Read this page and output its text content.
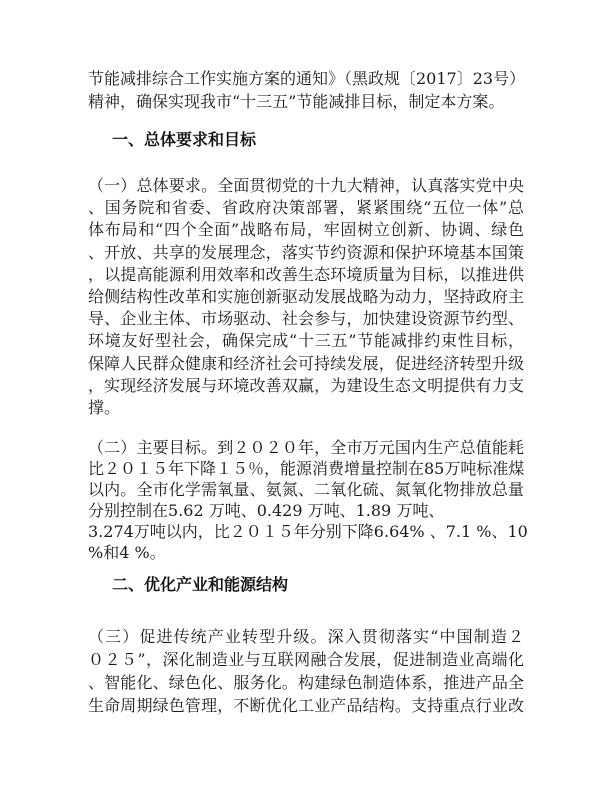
节能减排综合工作实施方案的通知》（黑政规〔2017〕23号）
精神，确保实现我市“十三五”节能减排目标，制定本方案。
一、总体要求和目标
（一）总体要求。全面贯彻党的十九大精神，认真落实党中央
、国务院和省委、省政府决策部署，紧紧围绕“五位一体”总
体布局和“四个全面”战略布局，牢固树立创新、协调、绿色
、开放、共享的发展理念，落实节约资源和保护环境基本国策
，以提高能源利用效率和改善生态环境质量为目标，以推进供
给侧结构性改革和实施创新驱动发展战略为动力，坚持政府主
导、企业主体、市场驱动、社会参与，加快建设资源节约型、
环境友好型社会，确保完成“十三五”节能减排约束性目标，
保障人民群众健康和经济社会可持续发展，促进经济转型升级
，实现经济发展与环境改善双赢，为建设生态文明提供有力支
撑。
（二）主要目标。到２０２０年，全市万元国内生产总值能耗
比２０１５年下降１５％，能源消费增量控制在85万吨标准煤
以内。全市化学需氧量、氨氮、二氧化硫、氮氧化物排放总量
分别控制在5.62 万吨、0.429 万吨、1.89 万吨、
3.274万吨以内，比２０１５年分别下降6.64% 、7.1 %、10
%和4 %。
二、优化产业和能源结构
（三）促进传统产业转型升级。深入贯彻落实“中国制造２
０２５”，深化制造业与互联网融合发展，促进制造业高端化
、智能化、绿色化、服务化。构建绿色制造体系，推进产品全
生命周期绿色管理，不断优化工业产品结构。支持重点行业改
